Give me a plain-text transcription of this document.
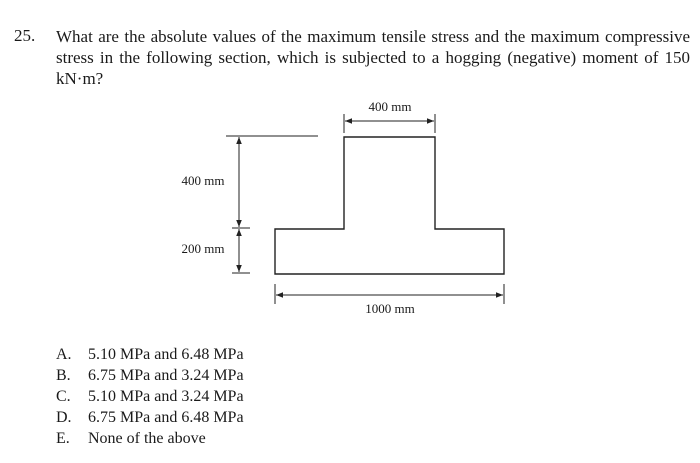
25. What are the absolute values of the maximum tensile stress and the maximum compressive stress in the following section, which is subjected to a hogging (negative) moment of 150 kN·m?
400 mm
400 mm
200 mm
1000 mm
A. 5.10 MPa and 6.48 MPa
B. 6.75 MPa and 3.24 MPa
C. 5.10 MPa and 3.24 MPa
D. 6.75 MPa and 6.48 MPa
E. None of the above
